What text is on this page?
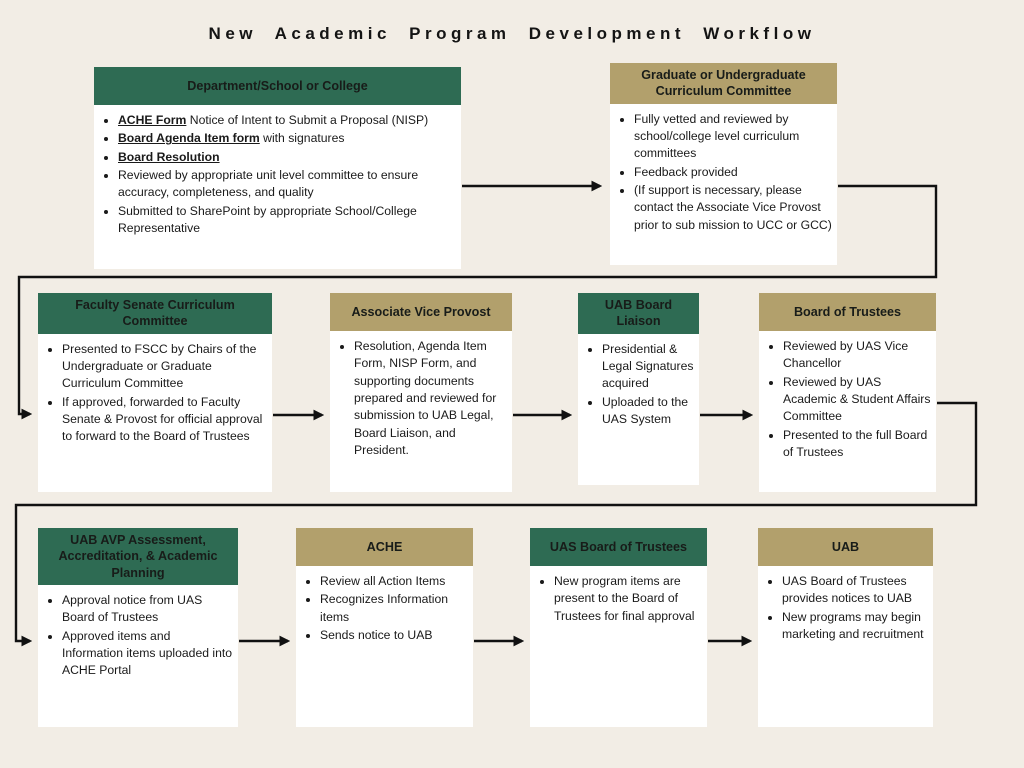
New Academic Program Development Workflow
Department/School or College
• ACHE Form Notice of Intent to Submit a Proposal (NISP)
• Board Agenda Item form with signatures
• Board Resolution
• Reviewed by appropriate unit level committee to ensure accuracy, completeness, and quality
• Submitted to SharePoint by appropriate School/College Representative
Graduate or Undergraduate Curriculum Committee
• Fully vetted and reviewed by school/college level curriculum committees
• Feedback provided
• (If support is necessary, please contact the Associate Vice Provost prior to sub mission to UCC or GCC)
Faculty Senate Curriculum Committee
• Presented to FSCC by Chairs of the Undergraduate or Graduate Curriculum Committee
• If approved, forwarded to Faculty Senate & Provost for official approval to forward to the Board of Trustees
Associate Vice Provost
• Resolution, Agenda Item Form, NISP Form, and supporting documents prepared and reviewed for submission to UAB Legal, Board Liaison, and President.
UAB Board Liaison
• Presidential & Legal Signatures acquired
• Uploaded to the UAS System
Board of Trustees
• Reviewed by UAS Vice Chancellor
• Reviewed by UAS Academic & Student Affairs Committee
• Presented to the full Board of Trustees
UAB AVP Assessment, Accreditation, & Academic Planning
• Approval notice from UAS Board of Trustees
• Approved items and Information items uploaded into ACHE Portal
ACHE
• Review all Action Items
• Recognizes Information items
• Sends notice to UAB
UAS Board of Trustees
• New program items are present to the Board of Trustees for final approval
UAB
• UAS Board of Trustees provides notices to UAB
• New programs may begin marketing and recruitment
